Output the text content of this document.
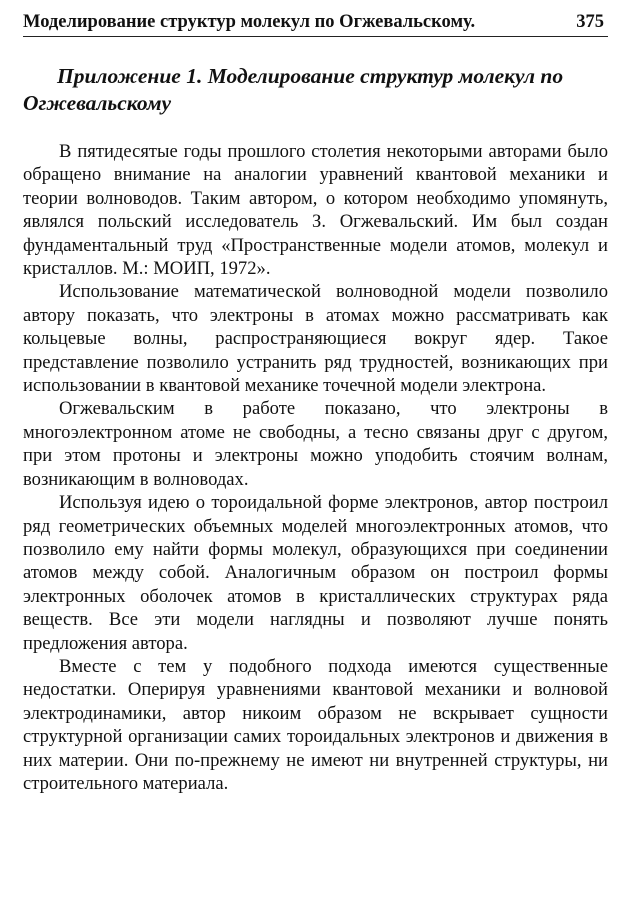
Моделирование структур молекул по Огжевальскому.	375
Приложение 1. Моделирование структур молекул по Огжевальскому

В пятидесятые годы прошлого столетия некоторыми авторами было обращено внимание на аналогии уравнений квантовой механики и теории волноводов. Таким автором, о котором необходимо упомянуть, являлся польский исследователь З. Огжевальский. Им был создан фундаментальный труд «Пространственные модели атомов, молекул и кристаллов. М.: МОИП, 1972».

Использование математической волноводной модели позволило автору показать, что электроны в атомах можно рассматривать как кольцевые волны, распространяющиеся вокруг ядер. Такое представление позволило устранить ряд трудностей, возникающих при использовании в квантовой механике точечной модели электрона.

Огжевальским в работе показано, что электроны в многоэлектронном атоме не свободны, а тесно связаны друг с другом, при этом протоны и электроны можно уподобить стоячим волнам, возникающим в волноводах.

Используя идею о тороидальной форме электронов, автор построил ряд геометрических объемных моделей многоэлектронных атомов, что позволило ему найти формы молекул, образующихся при соединении атомов между собой. Аналогичным образом он построил формы электронных оболочек атомов в кристаллических структурах ряда веществ. Все эти модели наглядны и позволяют лучше понять предложения автора.

Вместе с тем у подобного подхода имеются существенные недостатки. Оперируя уравнениями квантовой механики и волновой электродинамики, автор никоим образом не вскрывает сущности структурной организации самих тороидальных электронов и движения в них материи. Они по-прежнему не имеют ни внутренней структуры, ни строительного материала.
